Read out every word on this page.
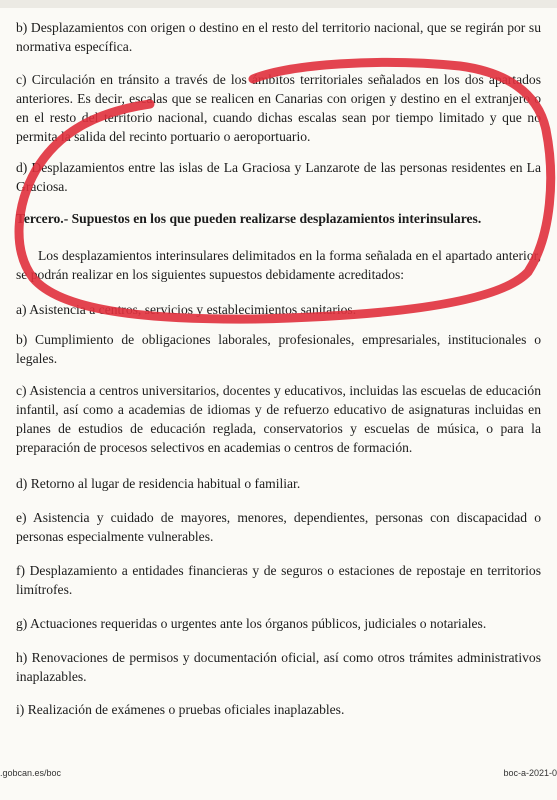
b) Desplazamientos con origen o destino en el resto del territorio nacional, que se regirán por su normativa específica.
c) Circulación en tránsito a través de los ámbitos territoriales señalados en los dos apartados anteriores. Es decir, escalas que se realicen en Canarias con origen y destino en el extranjero o en el resto del territorio nacional, cuando dichas escalas sean por tiempo limitado y que no permita la salida del recinto portuario o aeroportuario.
d) Desplazamientos entre las islas de La Graciosa y Lanzarote de las personas residentes en La Graciosa.
Tercero.- Supuestos en los que pueden realizarse desplazamientos interinsulares.
Los desplazamientos interinsulares delimitados en la forma señalada en el apartado anterior, se podrán realizar en los siguientes supuestos debidamente acreditados:
a) Asistencia a centros, servicios y establecimientos sanitarios.
b) Cumplimiento de obligaciones laborales, profesionales, empresariales, institucionales o legales.
c) Asistencia a centros universitarios, docentes y educativos, incluidas las escuelas de educación infantil, así como a academias de idiomas y de refuerzo educativo de asignaturas incluidas en planes de estudios de educación reglada, conservatorios y escuelas de música, o para la preparación de procesos selectivos en academias o centros de formación.
d) Retorno al lugar de residencia habitual o familiar.
e) Asistencia y cuidado de mayores, menores, dependientes, personas con discapacidad o personas especialmente vulnerables.
f) Desplazamiento a entidades financieras y de seguros o estaciones de repostaje en territorios limítrofes.
g) Actuaciones requeridas o urgentes ante los órganos públicos, judiciales o notariales.
h) Renovaciones de permisos y documentación oficial, así como otros trámites administrativos inaplazables.
i) Realización de exámenes o pruebas oficiales inaplazables.
.gobcan.es/boc	boc-a-2021-0
